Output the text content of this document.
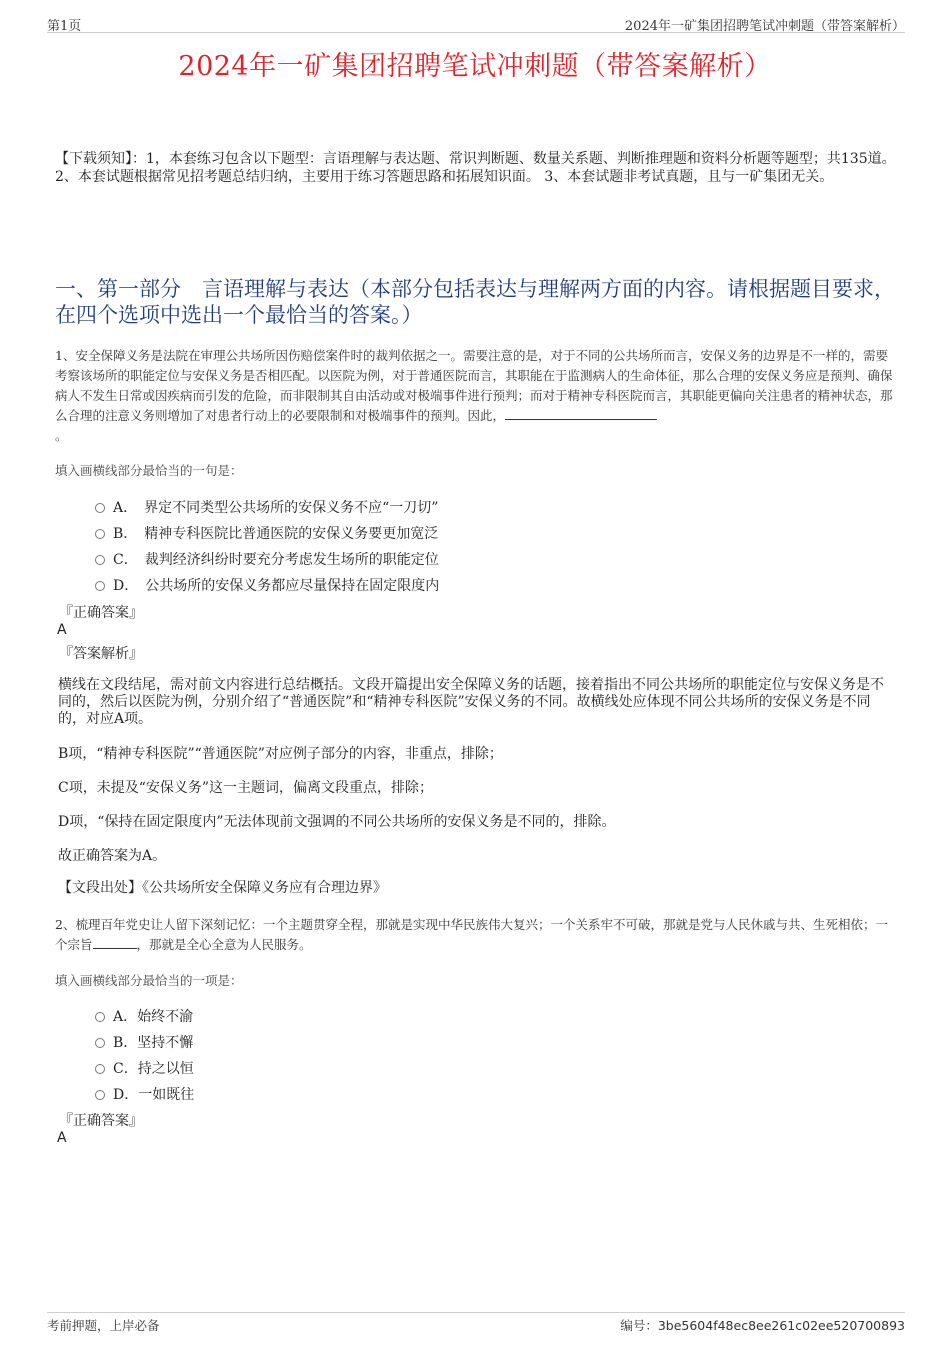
第1页	2024年一矿集团招聘笔试冲刺题（带答案解析）
2024年一矿集团招聘笔试冲刺题（带答案解析）
【下载须知】：1，本套练习包含以下题型：言语理解与表达题、常识判断题、数量关系题、判断推理题和资料分析题等题型；共135道。 2、本套试题根据常见招考题总结归纳，主要用于练习答题思路和拓展知识面。 3、本套试题非考试真题，且与一矿集团无关。
一、第一部分　言语理解与表达（本部分包括表达与理解两方面的内容。请根据题目要求，在四个选项中选出一个最恰当的答案。）
1、安全保障义务是法院在审理公共场所因伤赔偿案件时的裁判依据之一。需要注意的是，对于不同的公共场所而言，安保义务的边界是不一样的，需要考察该场所的职能定位与安保义务是否相匹配。以医院为例，对于普通医院而言，其职能在于监测病人的生命体征，那么合理的安保义务应是预判、确保病人不发生日常或因疾病而引发的危险，而非限制其自由活动或对极端事件进行预判；而对于精神专科医院而言，其职能更偏向关注患者的精神状态，那么合理的注意义务则增加了对患者行动上的必要限制和对极端事件的预判。因此，
。
填入画横线部分最恰当的一句是：
A．　界定不同类型公共场所的安保义务不应“一刀切”
B．　精神专科医院比普通医院的安保义务要更加宽泛
C．　裁判经济纠纷时要充分考虑发生场所的职能定位
D．　公共场所的安保义务都应尽量保持在固定限度内
『正确答案』
A
『答案解析』
横线在文段结尾，需对前文内容进行总结概括。文段开篇提出安全保障义务的话题，接着指出不同公共场所的职能定位与安保义务是不同的，然后以医院为例，分别介绍了“普通医院”和“精神专科医院”安保义务的不同。故横线处应体现不同公共场所的安保义务是不同的，对应A项。
B项，“精神专科医院”“普通医院”对应例子部分的内容，非重点，排除；
C项，未提及“安保义务”这一主题词，偏离文段重点，排除；
D项，“保持在固定限度内”无法体现前文强调的不同公共场所的安保义务是不同的，排除。
故正确答案为A。
【文段出处】《公共场所安全保障义务应有合理边界》
2、梳理百年党史让人留下深刻记忆：一个主题贯穿全程，那就是实现中华民族伟大复兴；一个关系牢不可破，那就是党与人民休戚与共、生死相依；一个宗旨	，那就是全心全意为人民服务。
填入画横线部分最恰当的一项是：
A．始终不渝
B．坚持不懈
C．持之以恒
D．一如既往
『正确答案』
A
考前押题，上岸必备	编号：3be5604f48ec8ee261c02ee520700893
